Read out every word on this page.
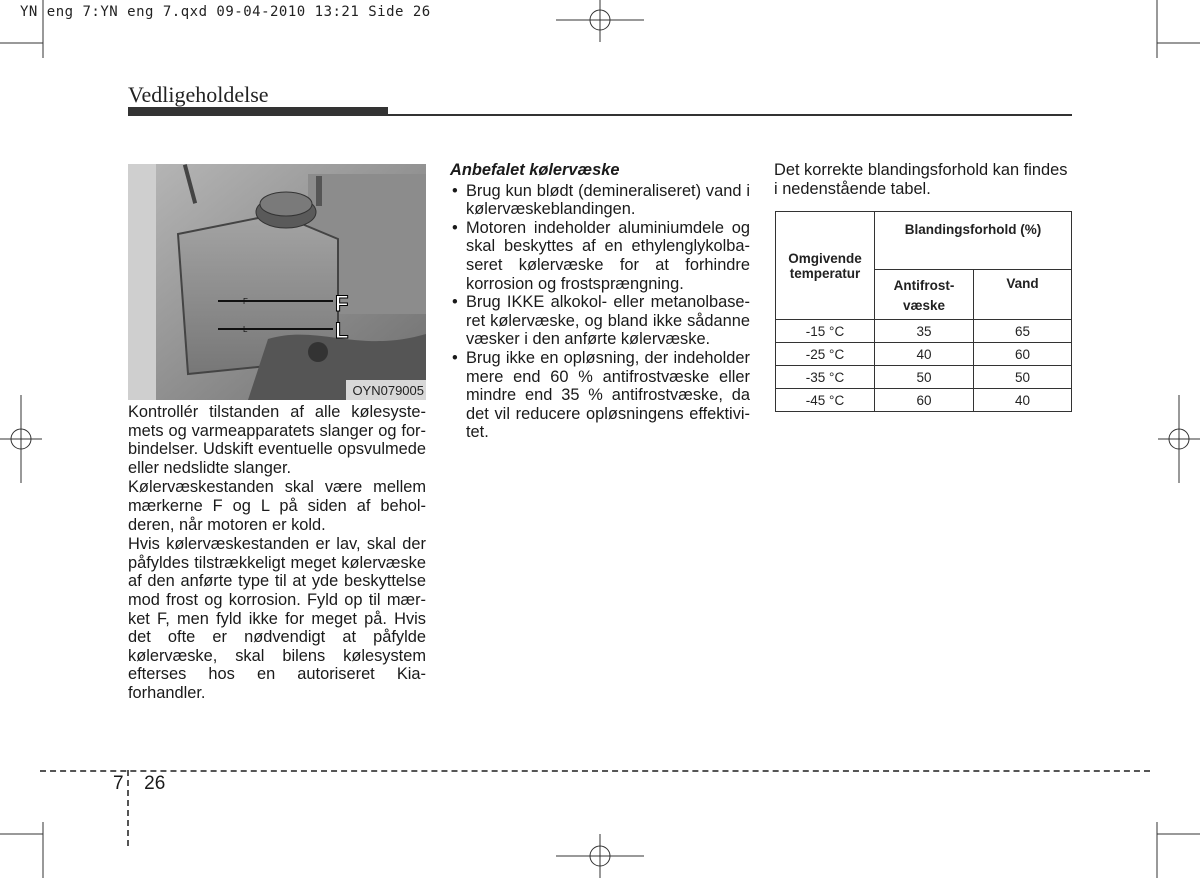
YN eng 7:YN eng 7.qxd 09-04-2010 13:21 Side 26
Vedligeholdelse
F
L
F
L
OYN079005

Kontrollér tilstanden af alle kølesystemets og varmeapparatets slanger og forbindelser. Udskift eventuelle opsvulmede eller nedslidte slanger.

Kølervæskestanden skal være mellem mærkerne F og L på siden af beholderen, når motoren er kold.

Hvis kølervæskestanden er lav, skal der påfyldes tilstrækkeligt meget kølervæske af den anførte type til at yde beskyttelse mod frost og korrosion. Fyld op til mærket F, men fyld ikke for meget på. Hvis det ofte er nødvendigt at påfylde kølervæske, skal bilens kølesystem efterses hos en autoriseret Kia-forhandler.

Anbefalet kølervæske
• Brug kun blødt (demineraliseret) vand i kølervæskeblandingen.
• Motoren indeholder aluminiumdele og skal beskyttes af en ethylenglykolbaseret kølervæske for at forhindre korrosion og frostsprængning.
• Brug IKKE alkokol- eller metanolbaseret kølervæske, og bland ikke sådanne væsker i den anførte kølervæske.
• Brug ikke en opløsning, der indeholder mere end 60 % antifrostvæske eller mindre end 35 % antifrostvæske, da det vil reducere opløsningens effektivitet.
Det korrekte blandingsforhold kan findes i nedenstående tabel.
Omgivende temperatur	Blandingsforhold (%)	
	Antifrost- væske	Vand
-15 °C	35	65
-25 °C	40	60
-35 °C	50	50
-45 °C	60	40
7 26
